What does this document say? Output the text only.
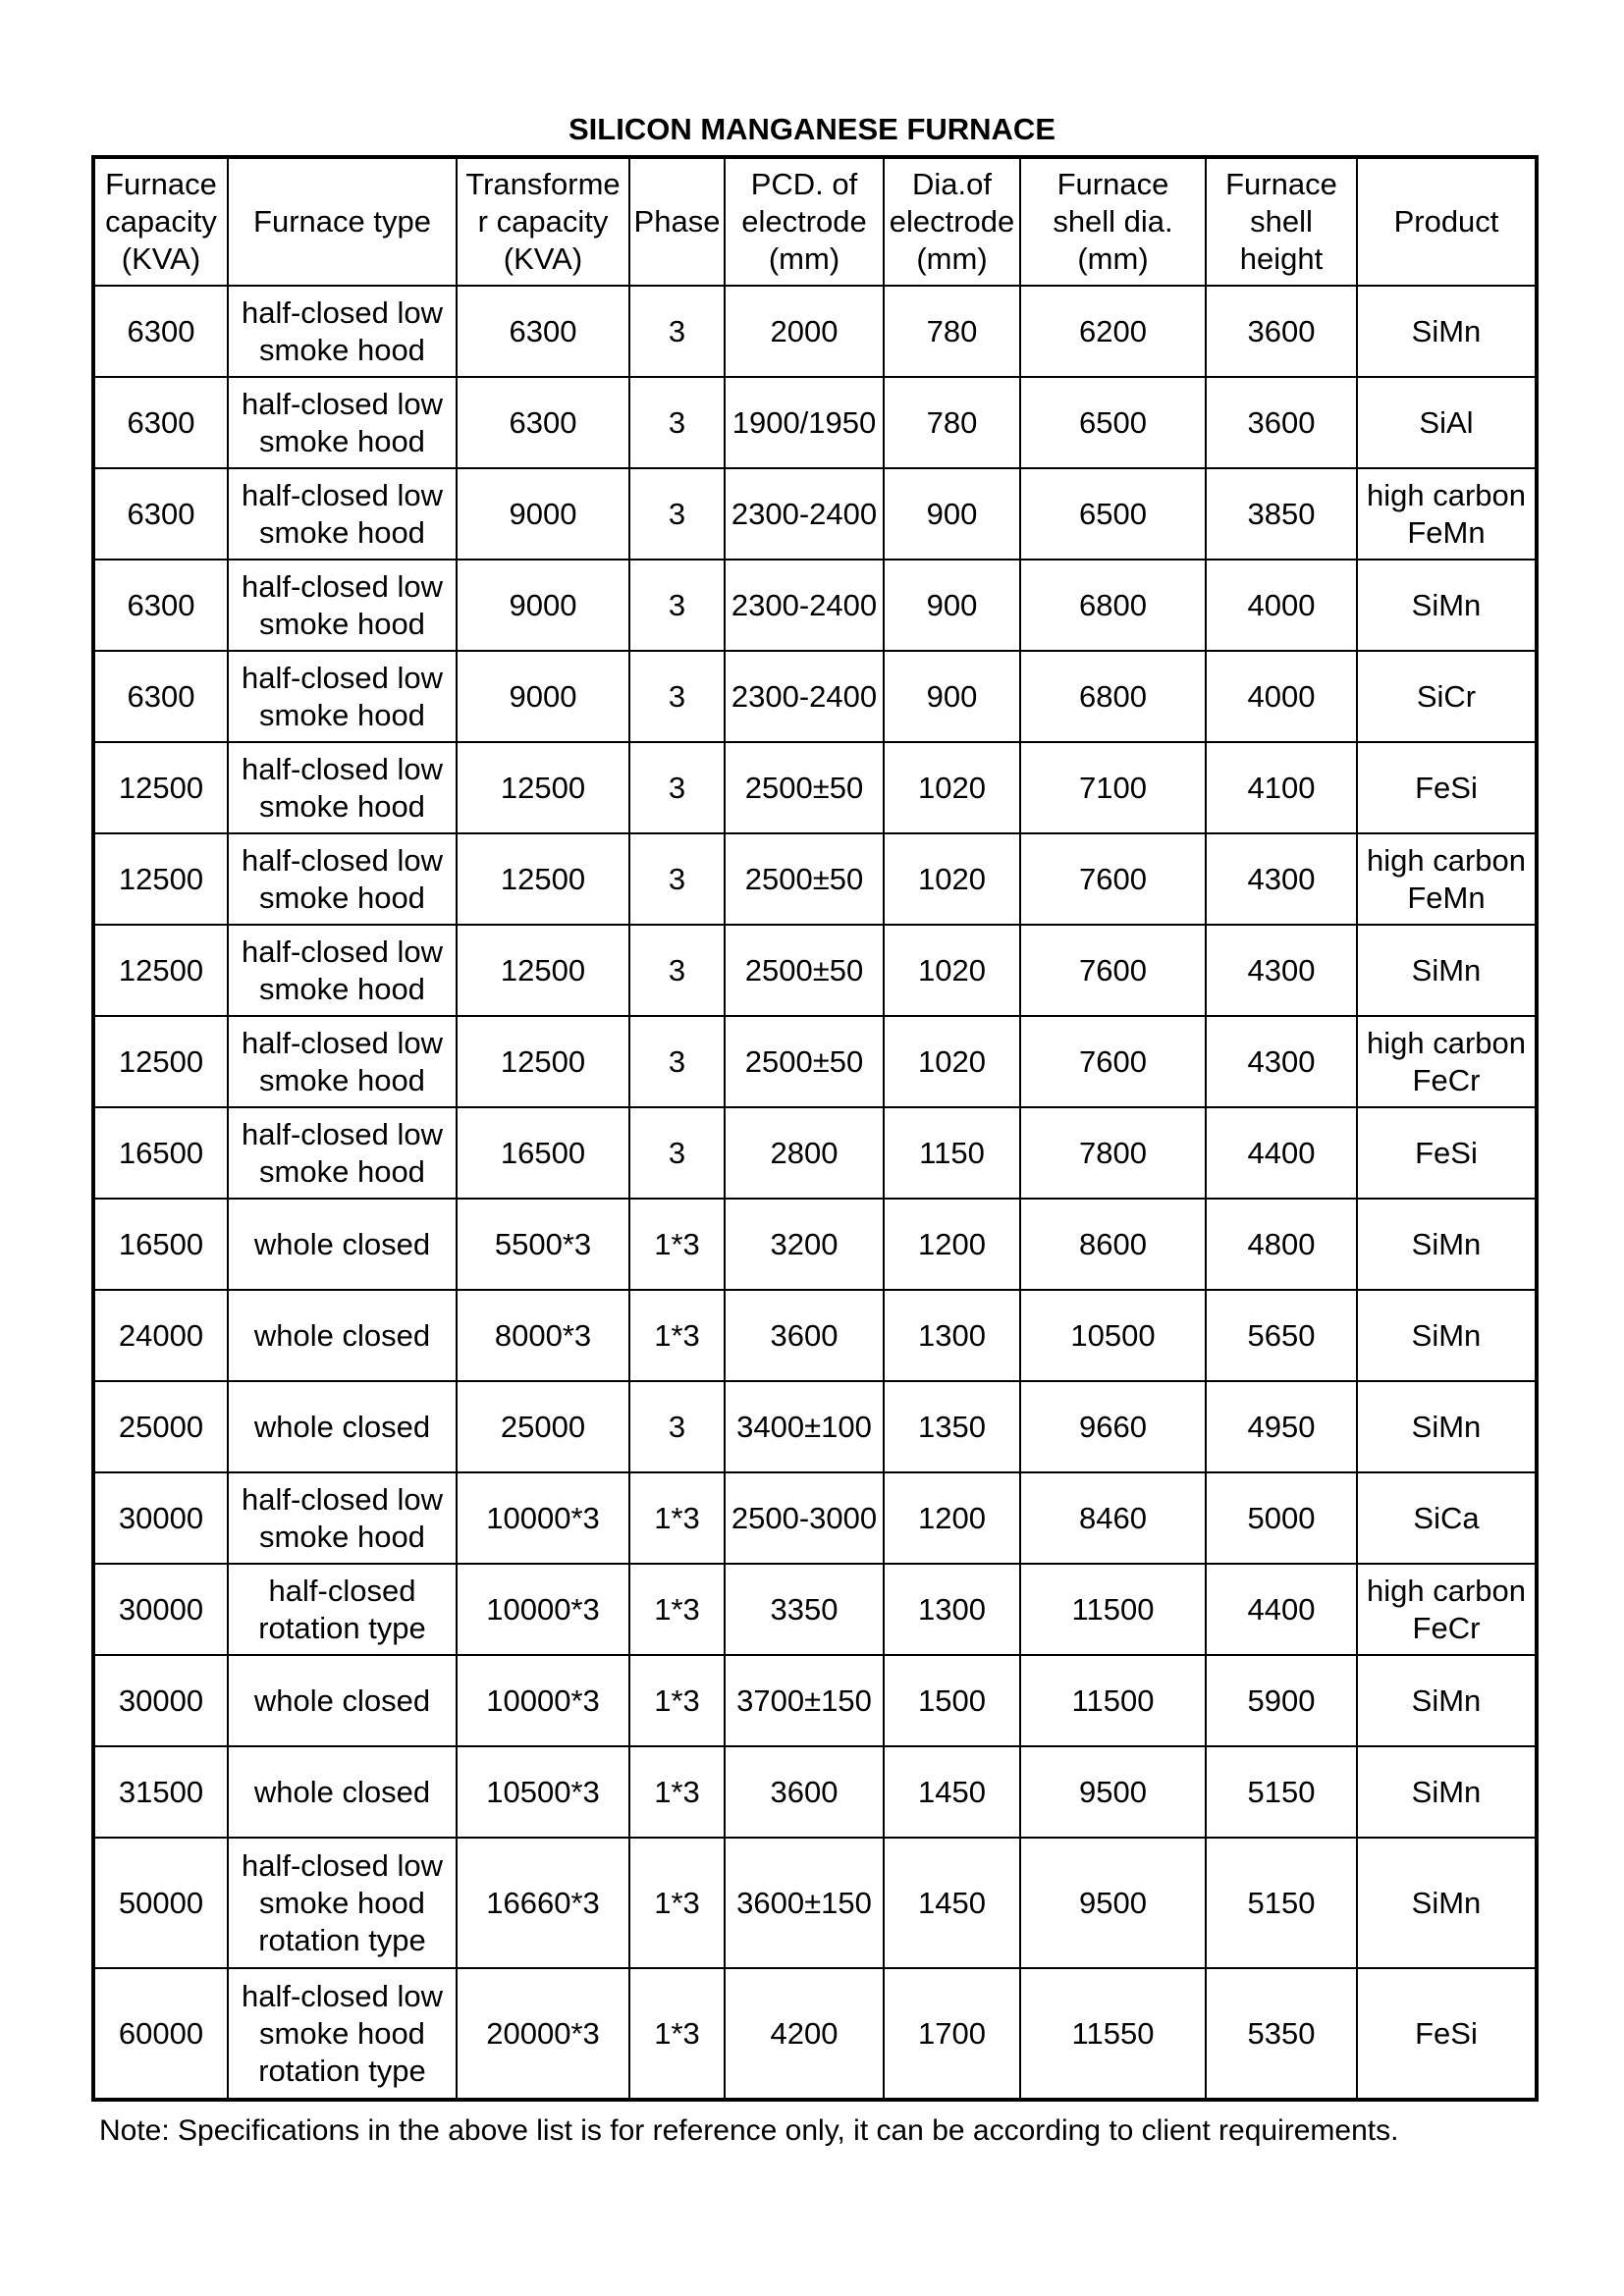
SILICON MANGANESE FURNACE
Furnace capacity (KVA)	Furnace type	Transforme r capacity (KVA)	Phase	PCD. of electrode (mm)	Dia.of electrode (mm)	Furnace shell dia. (mm)	Furnace shell height	Product
6300	half-closed low smoke hood	6300	3	2000	780	6200	3600	SiMn
6300	half-closed low smoke hood	6300	3	1900/1950	780	6500	3600	SiAl
6300	half-closed low smoke hood	9000	3	2300-2400	900	6500	3850	high carbon FeMn
6300	half-closed low smoke hood	9000	3	2300-2400	900	6800	4000	SiMn
6300	half-closed low smoke hood	9000	3	2300-2400	900	6800	4000	SiCr
12500	half-closed low smoke hood	12500	3	2500±50	1020	7100	4100	FeSi
12500	half-closed low smoke hood	12500	3	2500±50	1020	7600	4300	high carbon FeMn
12500	half-closed low smoke hood	12500	3	2500±50	1020	7600	4300	SiMn
12500	half-closed low smoke hood	12500	3	2500±50	1020	7600	4300	high carbon FeCr
16500	half-closed low smoke hood	16500	3	2800	1150	7800	4400	FeSi
16500	whole closed	5500*3	1*3	3200	1200	8600	4800	SiMn
24000	whole closed	8000*3	1*3	3600	1300	10500	5650	SiMn
25000	whole closed	25000	3	3400±100	1350	9660	4950	SiMn
30000	half-closed low smoke hood	10000*3	1*3	2500-3000	1200	8460	5000	SiCa
30000	half-closed rotation type	10000*3	1*3	3350	1300	11500	4400	high carbon FeCr
30000	whole closed	10000*3	1*3	3700±150	1500	11500	5900	SiMn
31500	whole closed	10500*3	1*3	3600	1450	9500	5150	SiMn
50000	half-closed low smoke hood rotation type	16660*3	1*3	3600±150	1450	9500	5150	SiMn
60000	half-closed low smoke hood rotation type	20000*3	1*3	4200	1700	11550	5350	FeSi
Note: Specifications in the above list is for reference only, it can be according to client requirements.
